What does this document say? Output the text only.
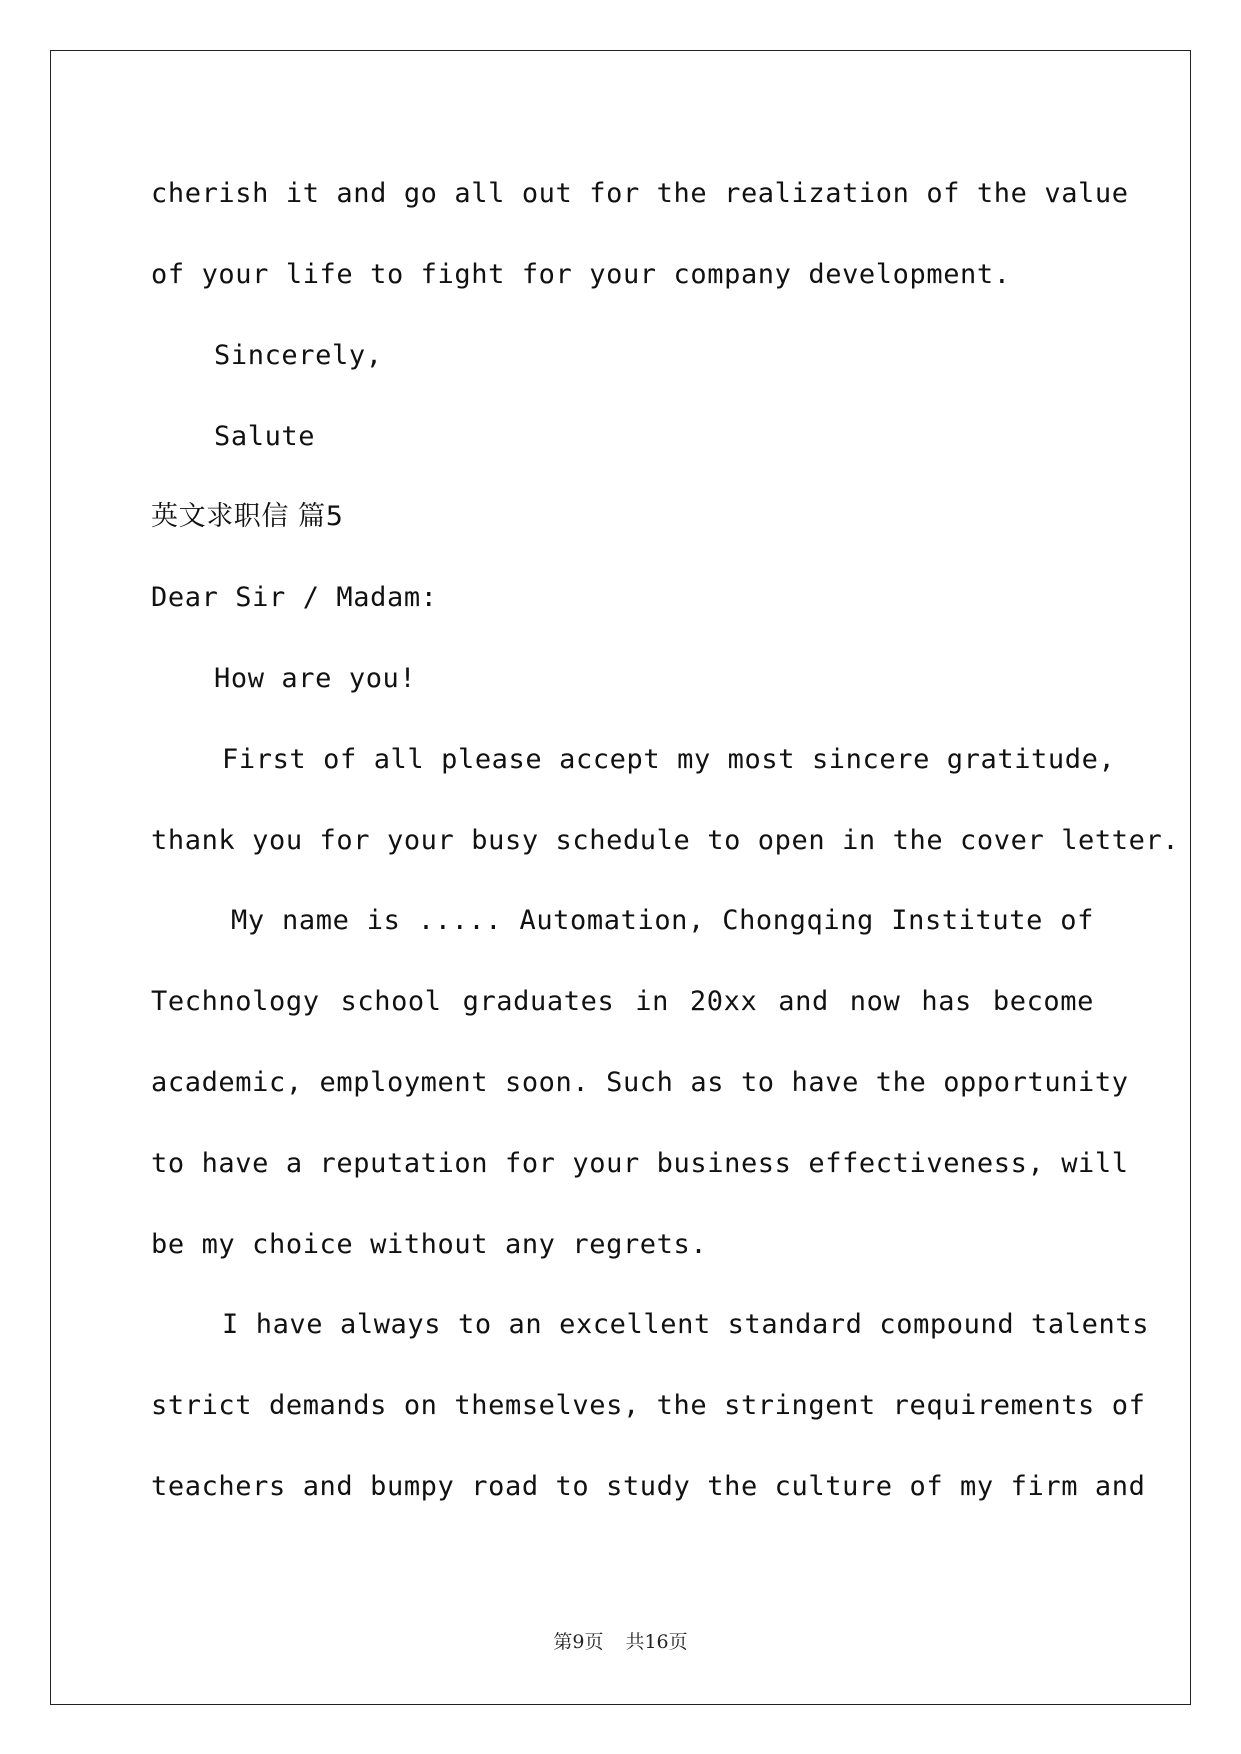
cherish it and go all out for the realization of the value
of your life to fight for your company development.
Sincerely,
Salute
英文求职信 篇5
Dear Sir / Madam:
How are you!
First of all please accept my most sincere gratitude,
thank you for your busy schedule to open in the cover letter.
My name is ..... Automation, Chongqing Institute of
Technology school graduates in 20xx and now has become
academic, employment soon. Such as to have the opportunity
to have a reputation for your business effectiveness, will
be my choice without any regrets.
I have always to an excellent standard compound talents
strict demands on themselves, the stringent requirements of
teachers and bumpy road to study the culture of my firm and
第9页 共16页
